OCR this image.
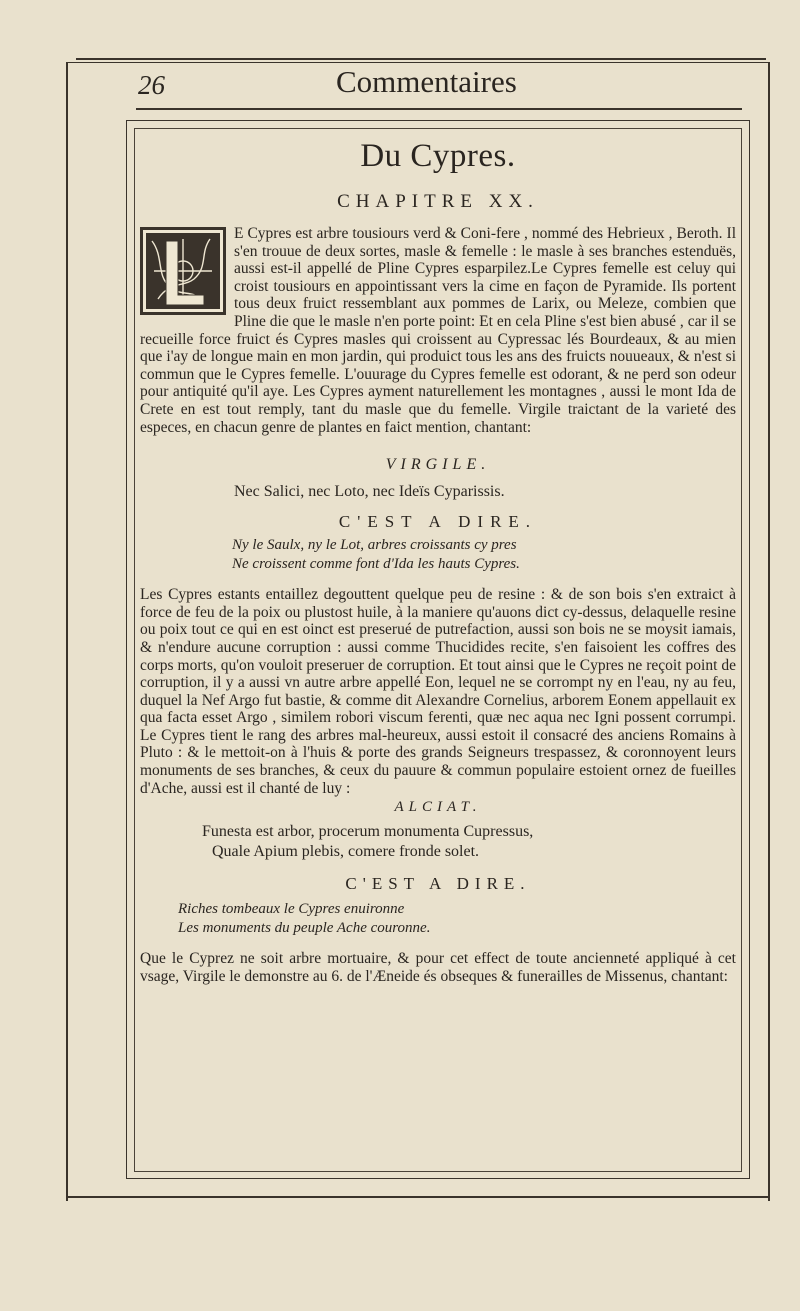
26	Commentaires
Du Cypres.
CHAPITRE XX.

E Cypres est arbre tousiours verd & Coni-fere , nommé des Hebrieux , Beroth. Il s'en trouue de deux sortes, masle & femelle : le masle à ses branches estenduës, aussi est-il appellé de Pline Cypres esparpilez.Le Cypres femelle est celuy qui croist tousiours en appointissant vers la cime en façon de Pyramide. Ils portent tous deux fruict ressemblant aux pommes de Larix, ou Meleze, combien que Pline die que le masle n'en porte point: Et en cela Pline s'est bien abusé , car il se recueille force fruict és Cypres masles qui croissent au Cypressac lés Bourdeaux, & au mien que i'ay de longue main en mon jardin, qui produict tous les ans des fruicts nouueaux, & n'est si commun que le Cypres femelle. L'ouurage du Cypres femelle est odorant, & ne perd son odeur pour antiquité qu'il aye. Les Cypres ayment naturellement les montagnes , aussi le mont Ida de Crete en est tout remply, tant du masle que du femelle. Virgile traictant de la varieté des especes, en chacun genre de plantes en faict mention, chantant:

VIRGILE.
Nec Salici, nec Loto, nec Ideïs Cyparissis.
C'EST A DIRE.
Ny le Saulx, ny le Lot, arbres croissants cy pres
Ne croissent comme font d'Ida les hauts Cypres.

Les Cypres estants entaillez degouttent quelque peu de resine : & de son bois s'en extraict à force de feu de la poix ou plustost huile, à la maniere qu'auons dict cy-dessus, delaquelle resine ou poix tout ce qui en est oinct est preserué de putrefaction, aussi son bois ne se moysit iamais, & n'endure aucune corruption : aussi comme Thucidides recite, s'en faisoient les coffres des corps morts, qu'on vouloit preseruer de corruption. Et tout ainsi que le Cypres ne reçoit point de corruption, il y a aussi vn autre arbre appellé Eon, lequel ne se corrompt ny en l'eau, ny au feu, duquel la Nef Argo fut bastie, & comme dit Alexandre Cornelius, arborem Eonem appellauit ex qua facta esset Argo , similem robori viscum ferenti, quæ nec aqua nec Igni possent corrumpi. Le Cypres tient le rang des arbres mal-heureux, aussi estoit il consacré des anciens Romains à Pluto : & le mettoit-on à l'huis & porte des grands Seigneurs trespassez, & coronnoyent leurs monuments de ses branches, & ceux du pauure & commun populaire estoient ornez de fueilles d'Ache, aussi est il chanté de luy :

ALCIAT.
Funesta est arbor, procerum monumenta Cupressus,
Quale Apium plebis, comere fronde solet.
C'EST A DIRE.
Riches tombeaux le Cypres enuironne
Les monuments du peuple Ache couronne.

Que le Cyprez ne soit arbre mortuaire, & pour cet effect de toute ancienneté appliqué à cet vsage, Virgile le demonstre au 6. de l'Æneide és obseques & funerailles de Missenus, chantant:
